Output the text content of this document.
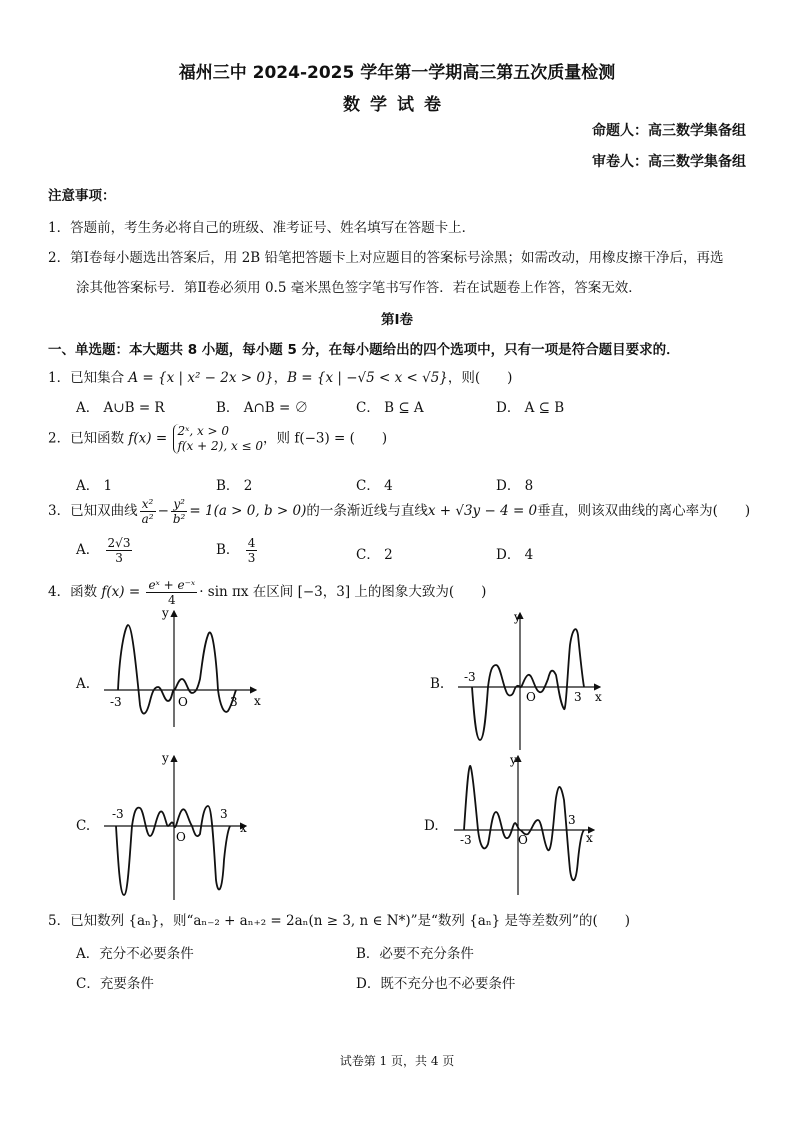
福州三中 2024-2025 学年第一学期高三第五次质量检测
数学试卷
命题人：高三数学集备组
审卷人：高三数学集备组
注意事项：
1．答题前，考生务必将自己的班级、准考证号、姓名填写在答题卡上．
2．第Ⅰ卷每小题选出答案后，用 2B 铅笔把答题卡上对应题目的答案标号涂黑；如需改动，用橡皮擦干净后，再选
涂其他答案标号．第Ⅱ卷必须用 0.5 毫米黑色签字笔书写作答．若在试题卷上作答，答案无效．
第Ⅰ卷
一、单选题：本大题共 8 小题，每小题 5 分，在每小题给出的四个选项中，只有一项是符合题目要求的．
1．已知集合 A = {x | x² − 2x > 0}，B = {x | −√5 < x < √5}，则(　　)
A． A∪B = R	B． A∩B = ∅	C． B ⊆ A	D． A ⊆ B
2．已知函数 f(x) = 2ˣ, x > 0
f(x + 2), x ≤ 0，则 f(−3) = (　　)
A． 1	B． 2	C． 4	D． 8
3．已知双曲线 $\frac{\text{x²}}{\text{a²}} - \frac{\text{y²}}{\text{b²}} = 1(a > 0$, b > 0)的一条渐近线与直线x + √3y − 4 = 0垂直，则该双曲线的离心率为(　　)
A． $\frac{2√3}{3}$	B． $\frac{4}{3}$	C． 2	D． 4
4．函数 $f(x) = \frac{\text{eˣ + e⁻ˣ}}{4} \cdot \sin \pi x$ 在区间 [−3，3] 上的图象大致为(　　)
A.	B.
C.	D.
x
y
O
-3	3	x
y
O
-3
3
x
y
O
-3	3
x
y
O
-3
3
5．已知数列 {aₙ}，则“aₙ₋₂ + aₙ₊₂ = 2aₙ(n ≥ 3, n ∈ N*)”是“数列 {aₙ} 是等差数列”的(　　)
A．充分不必要条件	B．必要不充分条件
C．充要条件	D．既不充分也不必要条件
试卷第 1 页，共 4 页
